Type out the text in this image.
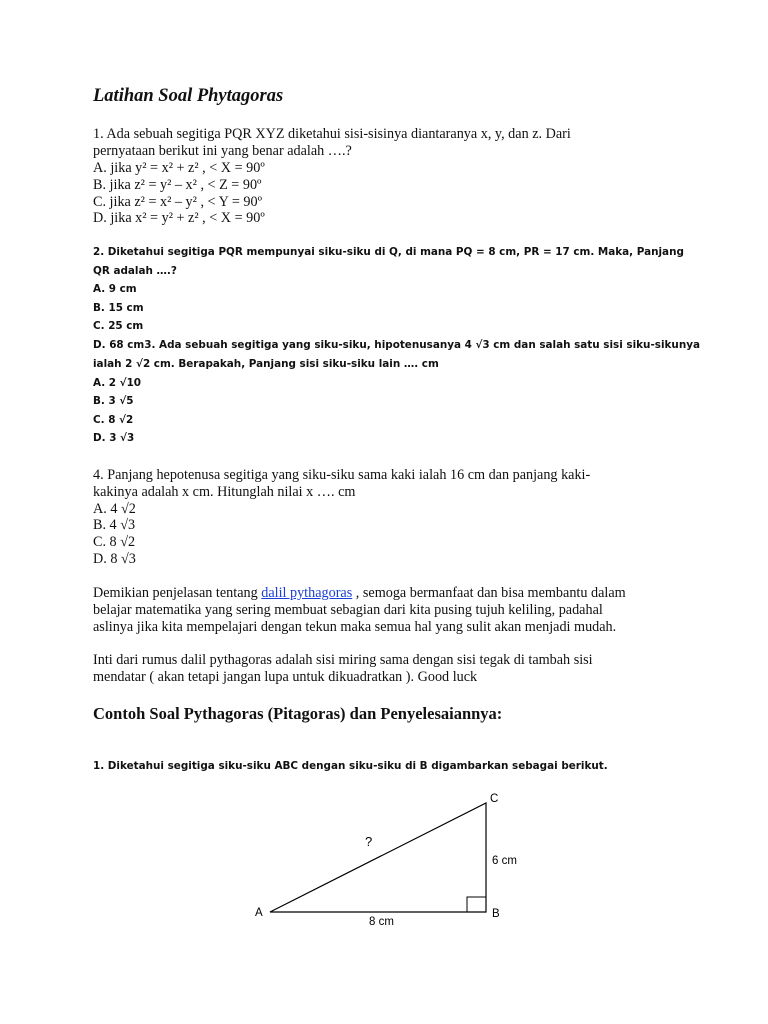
Latihan Soal Phytagoras

1. Ada sebuah segitiga PQR XYZ diketahui sisi-sisinya diantaranya x, y, dan z. Dari

pernyataan berikut ini yang benar adalah ….?

A. jika y² = x² + z² , < X = 90º

B. jika z² = y² – x² , < Z = 90º

C. jika z² = x² – y² , < Y = 90º

D. jika x² = y² + z² , < X = 90º

2. Diketahui segitiga PQR mempunyai siku-siku di Q, di mana PQ = 8 cm, PR = 17 cm. Maka, Panjang

QR adalah ….?

A. 9 cm

B. 15 cm

C. 25 cm

D. 68 cm3. Ada sebuah segitiga yang siku-siku, hipotenusanya 4 √3 cm dan salah satu sisi siku-sikunya

ialah 2 √2 cm. Berapakah, Panjang sisi siku-siku lain …. cm

A. 2 √10

B. 3 √5

C. 8 √2

D. 3 √3

4. Panjang hepotenusa segitiga yang siku-siku sama kaki ialah 16 cm dan panjang kaki-

kakinya adalah x cm. Hitunglah nilai x …. cm

A. 4 √2

B. 4 √3

C. 8 √2

D. 8 √3

Demikian penjelasan tentang dalil pythagoras , semoga bermanfaat dan bisa membantu dalam

belajar matematika yang sering membuat sebagian dari kita pusing tujuh keliling, padahal

aslinya jika kita mempelajari dengan tekun maka semua hal yang sulit akan menjadi mudah.

Inti dari rumus dalil pythagoras adalah sisi miring sama dengan sisi tegak di tambah sisi

mendatar ( akan tetapi jangan lupa untuk dikuadratkan ). Good luck

Contoh Soal Pythagoras (Pitagoras) dan Penyelesaiannya:

1. Diketahui segitiga siku-siku ABC dengan siku-siku di B digambarkan sebagai berikut.

A	B
C
8 cm
6 cm
?
